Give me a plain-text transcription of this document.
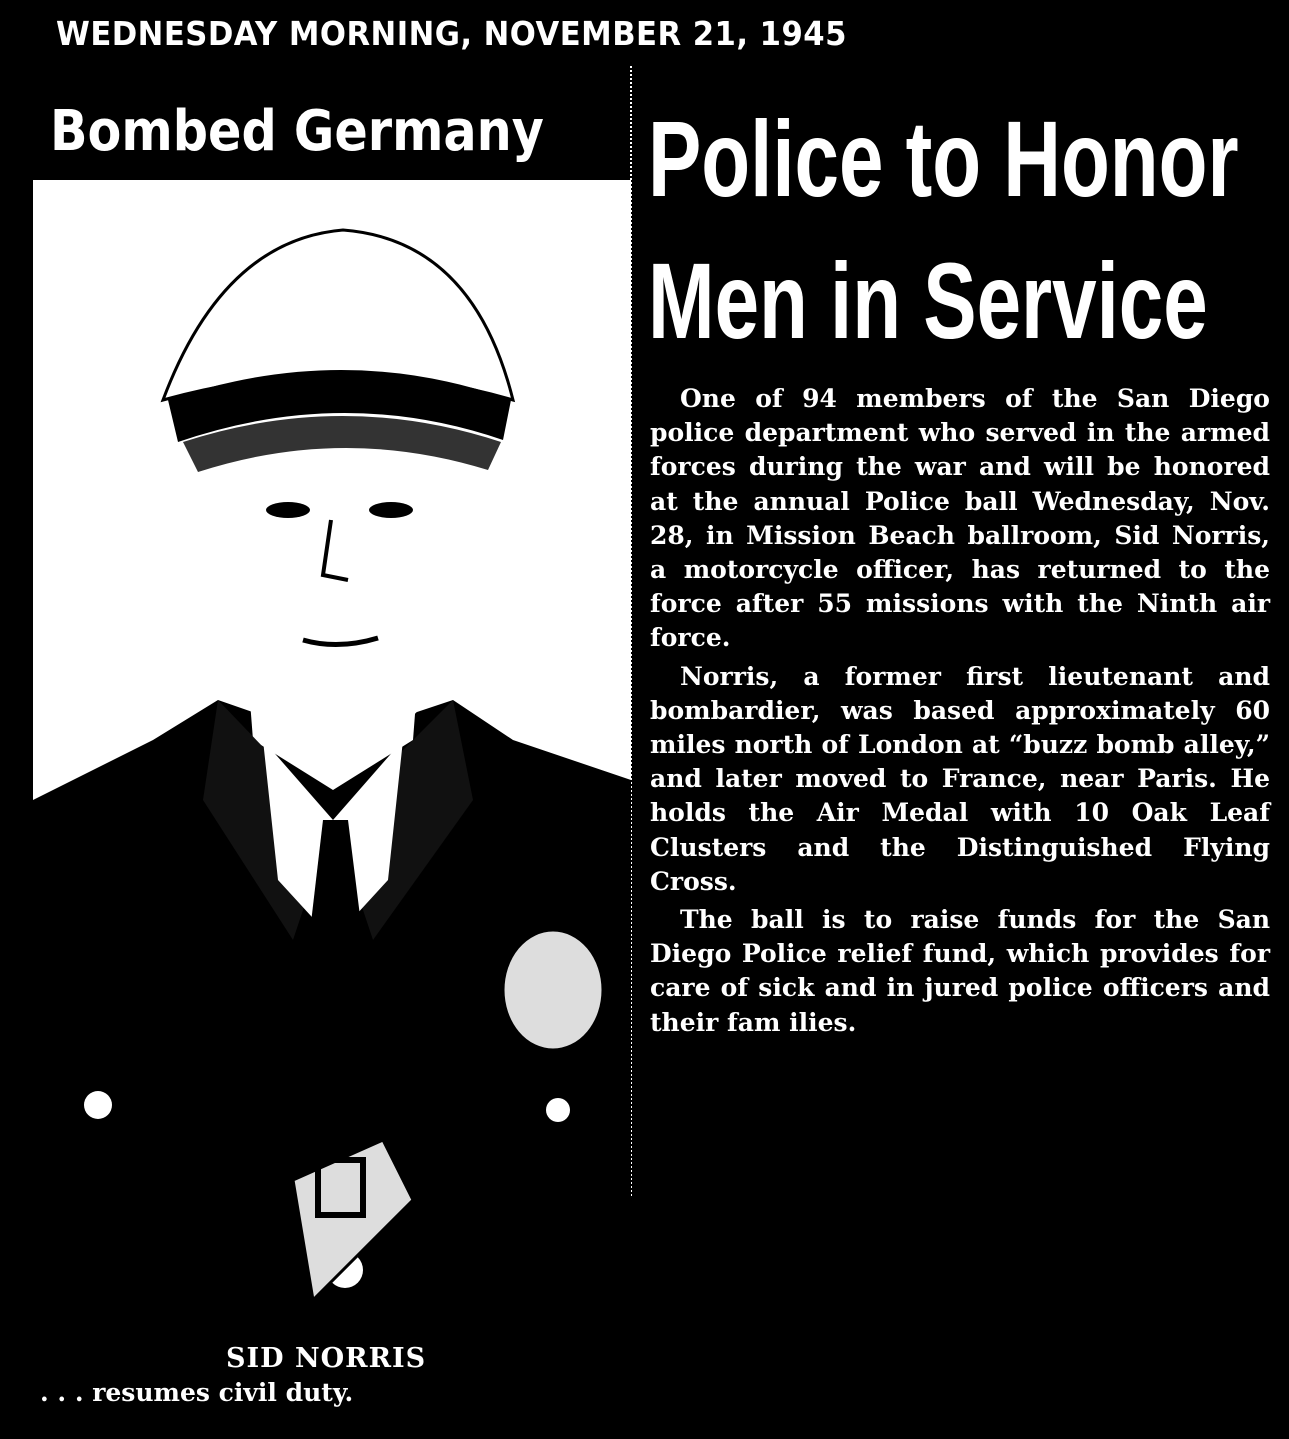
WEDNESDAY MORNING, NOVEMBER 21, 1945
Bombed Germany
SID NORRIS
. . . resumes civil duty.
Police to Honor
Men in Service

One of 94 members of the San Diego police department who served in the armed forces during the war and will be honored at the annual Police ball Wednesday, Nov. 28, in Mission Beach ballroom, Sid Norris, a motorcycle officer, has returned to the force after 55 missions with the Ninth air force.

Norris, a former first lieutenant and bombardier, was based approximately 60 miles north of London at “buzz bomb alley,” and later moved to France, near Paris. He holds the Air Medal with 10 Oak Leaf Clusters and the Distinguished Flying Cross.

The ball is to raise funds for the San Diego Police relief fund, which provides for care of sick and in jured police officers and their fam ilies.
